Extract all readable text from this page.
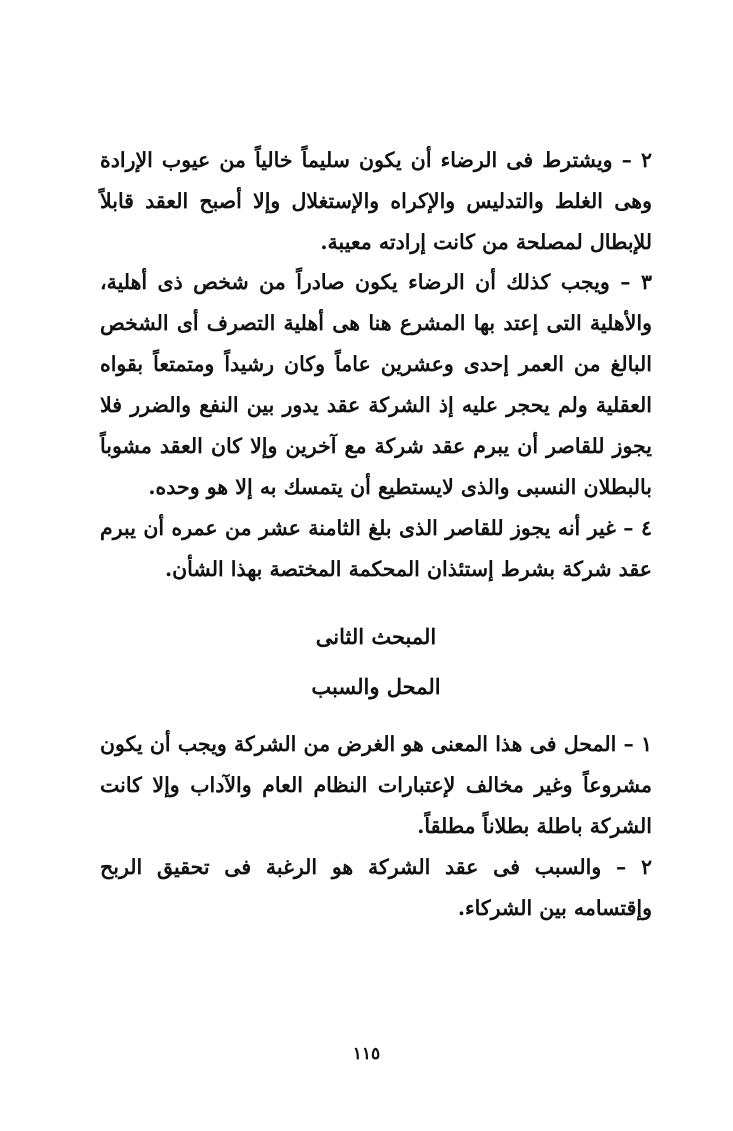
٢ – ويشترط فى الرضاء أن يكون سليماً خالياً من عيوب الإرادة وهى الغلط والتدليس والإكراه والإستغلال وإلا أصبح العقد قابلاً للإبطال لمصلحة من كانت إرادته معيبة.

٣ – ويجب كذلك أن الرضاء يكون صادراً من شخص ذى أهلية، والأهلية التى إعتد بها المشرع هنا هى أهلية التصرف أى الشخص البالغ من العمر إحدى وعشرين عاماً وكان رشيداً ومتمتعاً بقواه العقلية ولم يحجر عليه إذ الشركة عقد يدور بين النفع والضرر فلا يجوز للقاصر أن يبرم عقد شركة مع آخرين وإلا كان العقد مشوباً بالبطلان النسبى والذى لايستطيع أن يتمسك به إلا هو وحده.

٤ – غير أنه يجوز للقاصر الذى بلغ الثامنة عشر من عمره أن يبرم عقد شركة بشرط إستئذان المحكمة المختصة بهذا الشأن.

المبحث الثانى
المحل والسبب

١ – المحل فى هذا المعنى هو الغرض من الشركة ويجب أن يكون مشروعاً وغير مخالف لإعتبارات النظام العام والآداب وإلا كانت الشركة باطلة بطلاناً مطلقاً.

٢ – والسبب فى عقد الشركة هو الرغبة فى تحقيق الربح وإقتسامه بين الشركاء.

١١٥
